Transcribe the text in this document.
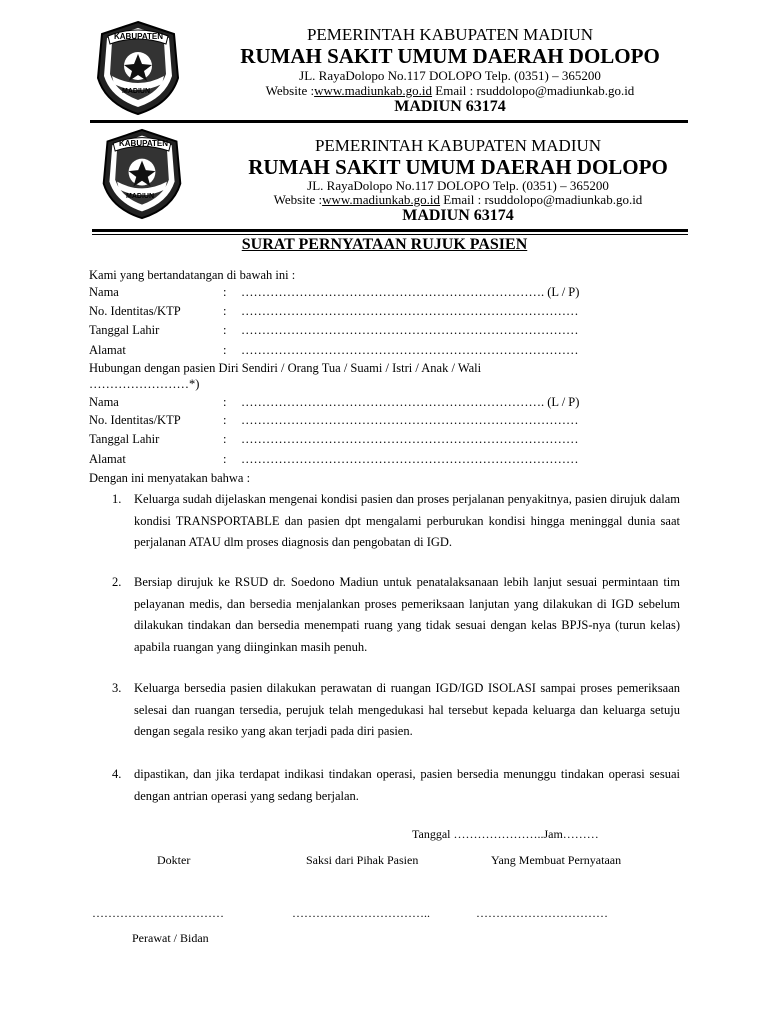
KABUPATEN
MADIUN
PEMERINTAH KABUPATEN MADIUN
RUMAH SAKIT UMUM DAERAH DOLOPO
JL. RayaDolopo No.117 DOLOPO Telp. (0351) – 365200
Website :www.madiunkab.go.id Email : rsuddolopo@madiunkab.go.id
MADIUN 63174
KABUPATEN
MADIUN
PEMERINTAH KABUPATEN MADIUN
RUMAH SAKIT UMUM DAERAH DOLOPO
JL. RayaDolopo No.117 DOLOPO Telp. (0351) – 365200
Website :www.madiunkab.go.id Email : rsuddolopo@madiunkab.go.id
MADIUN 63174
SURAT PERNYATAAN RUJUK PASIEN
Kami yang bertandatangan di bawah ini :
Nama	: ………………………………………………………………. (L / P)
No. Identitas/KTP	: ………………………………………………………………………
Tanggal Lahir	: ………………………………………………………………………
Alamat	: ………………………………………………………………………
Hubungan dengan pasien Diri Sendiri / Orang Tua / Suami / Istri / Anak / Wali
……………………*)
Nama	: ………………………………………………………………. (L / P)
No. Identitas/KTP	: ………………………………………………………………………
Tanggal Lahir	: ………………………………………………………………………
Alamat	: ………………………………………………………………………
Dengan ini menyatakan bahwa :
1. Keluarga sudah dijelaskan mengenai kondisi pasien dan proses perjalanan penyakitnya, pasien dirujuk dalam kondisi TRANSPORTABLE dan pasien dpt mengalami perburukan kondisi hingga meninggal dunia saat perjalanan ATAU dlm proses diagnosis dan pengobatan di IGD.
2. Bersiap dirujuk ke RSUD dr. Soedono Madiun untuk penatalaksanaan lebih lanjut sesuai permintaan tim pelayanan medis, dan bersedia menjalankan proses pemeriksaan lanjutan yang dilakukan di IGD sebelum dilakukan tindakan dan bersedia menempati ruang yang tidak sesuai dengan kelas BPJS-nya (turun kelas) apabila ruangan yang diinginkan masih penuh.
3. Keluarga bersedia pasien dilakukan perawatan di ruangan IGD/IGD ISOLASI sampai proses pemeriksaan selesai dan ruangan tersedia, perujuk telah mengedukasi hal tersebut kepada keluarga dan keluarga setuju dengan segala resiko yang akan terjadi pada diri pasien.
4. dipastikan, dan jika terdapat indikasi tindakan operasi, pasien bersedia menunggu tindakan operasi sesuai dengan antrian operasi yang sedang berjalan.
Tanggal …………………..Jam………
Dokter	Saksi dari Pihak Pasien	Yang Membuat Pernyataan
……………………………	……………………………..	……………………………
Perawat / Bidan
